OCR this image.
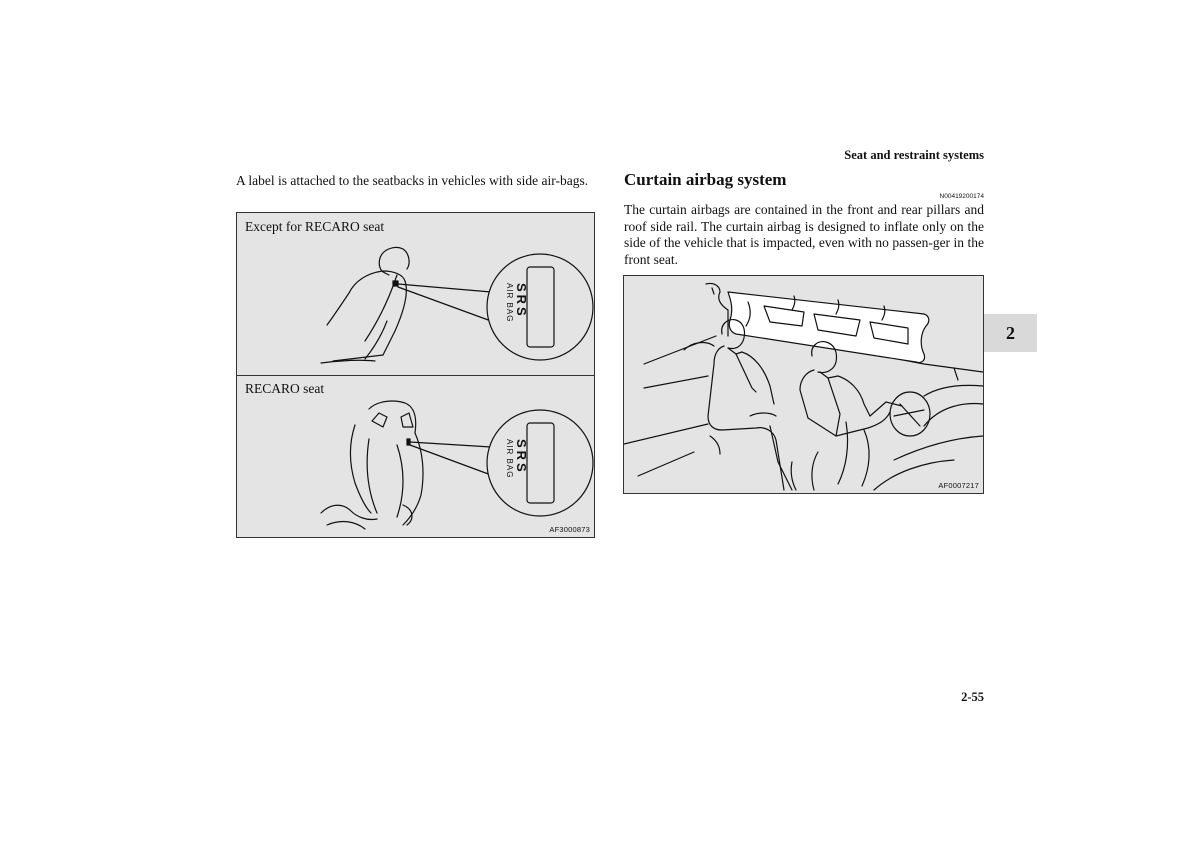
Seat and restraint systems
A label is attached to the seatbacks in vehicles with side air-bags.
Except for RECARO seat
RECARO seat
SRS
AIR BAG
SRS
AIR BAG
AF3000873
Curtain airbag system
N00419200174
The curtain airbags are contained in the front and rear pillars and roof side rail. The curtain airbag is designed to inflate only on the side of the vehicle that is impacted, even with no passen-ger in the front seat.
AF0007217
2
2-55
